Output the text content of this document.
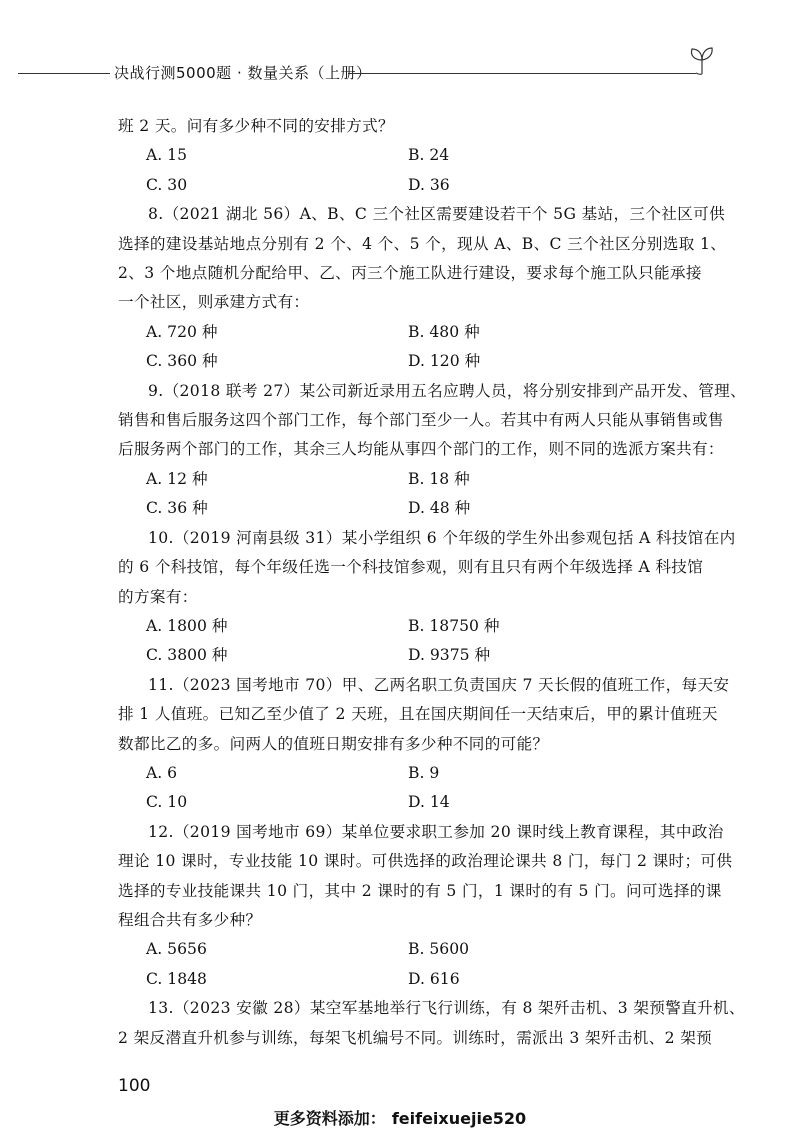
决战行测5000题 · 数量关系（上册）

班 2 天。问有多少种不同的安排方式？

A. 15	B. 24
C. 30	D. 36

8.（2021 湖北 56）A、B、C 三个社区需要建设若干个 5G 基站，三个社区可供

选择的建设基站地点分别有 2 个、4 个、5 个，现从 A、B、C 三个社区分别选取 1、

2、3 个地点随机分配给甲、乙、丙三个施工队进行建设，要求每个施工队只能承接

一个社区，则承建方式有：

A. 720 种	B. 480 种
C. 360 种	D. 120 种

9.（2018 联考 27）某公司新近录用五名应聘人员，将分别安排到产品开发、管理、

销售和售后服务这四个部门工作，每个部门至少一人。若其中有两人只能从事销售或售

后服务两个部门的工作，其余三人均能从事四个部门的工作，则不同的选派方案共有：

A. 12 种	B. 18 种
C. 36 种	D. 48 种

10.（2019 河南县级 31）某小学组织 6 个年级的学生外出参观包括 A 科技馆在内

的 6 个科技馆，每个年级任选一个科技馆参观，则有且只有两个年级选择 A 科技馆

的方案有：

A. 1800 种	B. 18750 种
C. 3800 种	D. 9375 种

11.（2023 国考地市 70）甲、乙两名职工负责国庆 7 天长假的值班工作，每天安

排 1 人值班。已知乙至少值了 2 天班，且在国庆期间任一天结束后，甲的累计值班天

数都比乙的多。问两人的值班日期安排有多少种不同的可能？

A. 6	B. 9
C. 10	D. 14

12.（2019 国考地市 69）某单位要求职工参加 20 课时线上教育课程，其中政治

理论 10 课时，专业技能 10 课时。可供选择的政治理论课共 8 门，每门 2 课时；可供

选择的专业技能课共 10 门，其中 2 课时的有 5 门，1 课时的有 5 门。问可选择的课

程组合共有多少种？

A. 5656	B. 5600
C. 1848	D. 616

13.（2023 安徽 28）某空军基地举行飞行训练，有 8 架歼击机、3 架预警直升机、

2 架反潜直升机参与训练，每架飞机编号不同。训练时，需派出 3 架歼击机、2 架预

100
更多资料添加： feifeixuejie520
